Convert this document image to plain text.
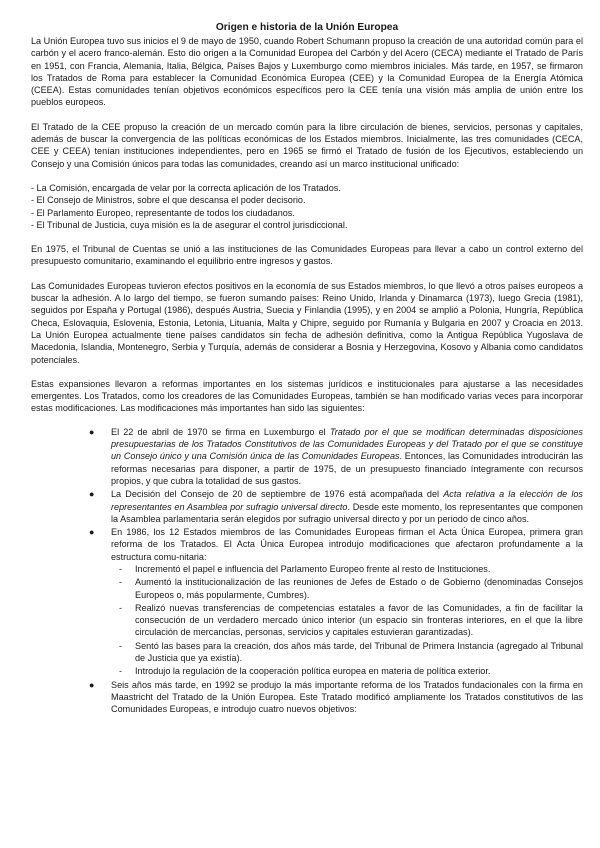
Origen e historia de la Unión Europea

La Unión Europea tuvo sus inicios el 9 de mayo de 1950, cuando Robert Schumann propuso la creación de una autoridad común para el carbón y el acero franco-alemán. Esto dio origen a la Comunidad Europea del Carbón y del Acero (CECA) mediante el Tratado de París en 1951, con Francia, Alemania, Italia, Bélgica, Países Bajos y Luxemburgo como miembros iniciales. Más tarde, en 1957, se firmaron los Tratados de Roma para establecer la Comunidad Económica Europea (CEE) y la Comunidad Europea de la Energía Atómica (CEEA). Estas comunidades tenían objetivos económicos específicos pero la CEE tenía una visión más amplia de unión entre los pueblos europeos.

El Tratado de la CEE propuso la creación de un mercado común para la libre circulación de bienes, servicios, personas y capitales, además de buscar la convergencia de las políticas económicas de los Estados miembros. Inicialmente, las tres comunidades (CECA, CEE y CEEA) tenían instituciones independientes, pero en 1965 se firmó el Tratado de fusión de los Ejecutivos, estableciendo un Consejo y una Comisión únicos para todas las comunidades, creando así un marco institucional unificado:

- La Comisión, encargada de velar por la correcta aplicación de los Tratados.
- El Consejo de Ministros, sobre el que descansa el poder decisorio.
- El Parlamento Europeo, representante de todos los ciudadanos.
- El Tribunal de Justicia, cuya misión es la de asegurar el control jurisdiccional.

En 1975, el Tribunal de Cuentas se unió a las instituciones de las Comunidades Europeas para llevar a cabo un control externo del presupuesto comunitario, examinando el equilibrio entre ingresos y gastos.

Las Comunidades Europeas tuvieron efectos positivos en la economía de sus Estados miembros, lo que llevó a otros países europeos a buscar la adhesión. A lo largo del tiempo, se fueron sumando países: Reino Unido, Irlanda y Dinamarca (1973), luego Grecia (1981), seguidos por España y Portugal (1986), después Austria, Suecia y Finlandia (1995), y en 2004 se amplió a Polonia, Hungría, República Checa, Eslovaquia, Eslovenia, Estonia, Letonia, Lituania, Malta y Chipre, seguido por Rumanía y Bulgaria en 2007 y Croacia en 2013. La Unión Europea actualmente tiene países candidatos sin fecha de adhesión definitiva, como la Antigua República Yugoslava de Macedonia, Islandia, Montenegro, Serbia y Turquía, además de considerar a Bosnia y Herzegovina, Kosovo y Albania como candidatos potenciales.

Estas expansiones llevaron a reformas importantes en los sistemas jurídicos e institucionales para ajustarse a las necesidades emergentes. Los Tratados, como los creadores de las Comunidades Europeas, también se han modificado varias veces para incorporar estas modificaciones. Las modificaciones más importantes han sido las siguientes:

● El 22 de abril de 1970 se firma en Luxemburgo el Tratado por el que se modifican determinadas disposiciones presupuestarias de los Tratados Constitutivos de las Comunidades Europeas y del Tratado por el que se constituye un Consejo único y una Comisión única de las Comunidades Europeas. Entonces, las Comunidades introducirán las reformas necesarias para disponer, a partir de 1975, de un presupuesto financiado íntegramente con recursos propios, y que cubra la totalidad de sus gastos.
● La Decisión del Consejo de 20 de septiembre de 1976 está acompañada del Acta relativa a la elección de los representantes en Asamblea por sufragio universal directo. Desde este momento, los representantes que componen la Asamblea parlamentaria serán elegidos por sufragio universal directo y por un periodo de cinco años.
● En 1986, los 12 Estados miembros de las Comunidades Europeas firman el Acta Única Europea, primera gran reforma de los Tratados. El Acta Única Europea introdujo modificaciones que afectaron profundamente a la estructura comu-nitaria:
- Incrementó el papel e influencia del Parlamento Europeo frente al resto de Instituciones.
- Aumentó la institucionalización de las reuniones de Jefes de Estado o de Gobierno (denominadas Consejos Europeos o, más popularmente, Cumbres).
- Realizó nuevas transferencias de competencias estatales a favor de las Comunidades, a fin de facilitar la consecución de un verdadero mercado único interior (un espacio sin fronteras interiores, en el que la libre circulación de mercancías, personas, servicios y capitales estuvieran garantizadas).
- Sentó las bases para la creación, dos años más tarde, del Tribunal de Primera Instancia (agregado al Tribunal de Justicia que ya existía).
- Introdujo la regulación de la cooperación política europea en materia de política exterior.
● Seis años más tarde, en 1992 se produjo la más importante reforma de los Tratados fundacionales con la firma en Maastricht del Tratado de la Unión Europea. Este Tratado modificó ampliamente los Tratados constitutivos de las Comunidades Europeas, e introdujo cuatro nuevos objetivos:
